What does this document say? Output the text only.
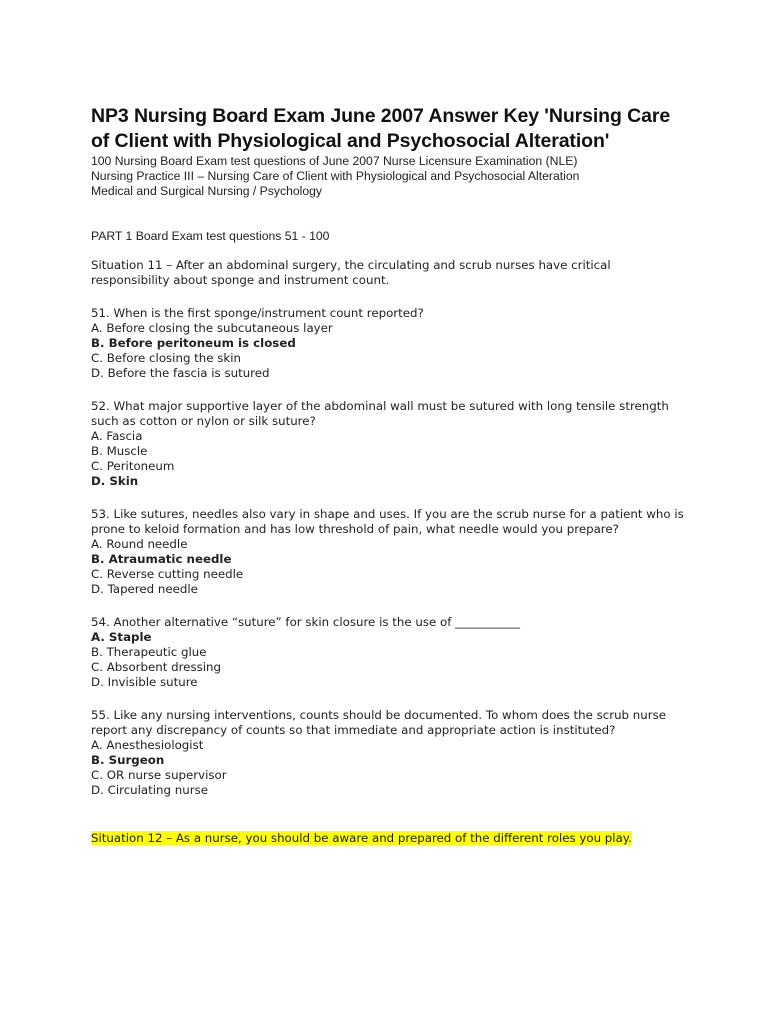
NP3 Nursing Board Exam June 2007 Answer Key 'Nursing Care of Client with Physiological and Psychosocial Alteration'
100 Nursing Board Exam test questions of June 2007 Nurse Licensure Examination (NLE)
Nursing Practice III – Nursing Care of Client with Physiological and Psychosocial Alteration
Medical and Surgical Nursing / Psychology
PART 1 Board Exam test questions 51 - 100
Situation 11 – After an abdominal surgery, the circulating and scrub nurses have critical responsibility about sponge and instrument count.
51. When is the first sponge/instrument count reported?
A. Before closing the subcutaneous layer
B. Before peritoneum is closed
C. Before closing the skin
D. Before the fascia is sutured
52. What major supportive layer of the abdominal wall must be sutured with long tensile strength such as cotton or nylon or silk suture?
A. Fascia
B. Muscle
C. Peritoneum
D. Skin
53. Like sutures, needles also vary in shape and uses. If you are the scrub nurse for a patient who is prone to keloid formation and has low threshold of pain, what needle would you prepare?
A. Round needle
B. Atraumatic needle
C. Reverse cutting needle
D. Tapered needle
54. Another alternative “suture” for skin closure is the use of ___________
A. Staple
B. Therapeutic glue
C. Absorbent dressing
D. Invisible suture
55. Like any nursing interventions, counts should be documented. To whom does the scrub nurse report any discrepancy of counts so that immediate and appropriate action is instituted?
A. Anesthesiologist
B. Surgeon
C. OR nurse supervisor
D. Circulating nurse
Situation 12 – As a nurse, you should be aware and prepared of the different roles you play.
